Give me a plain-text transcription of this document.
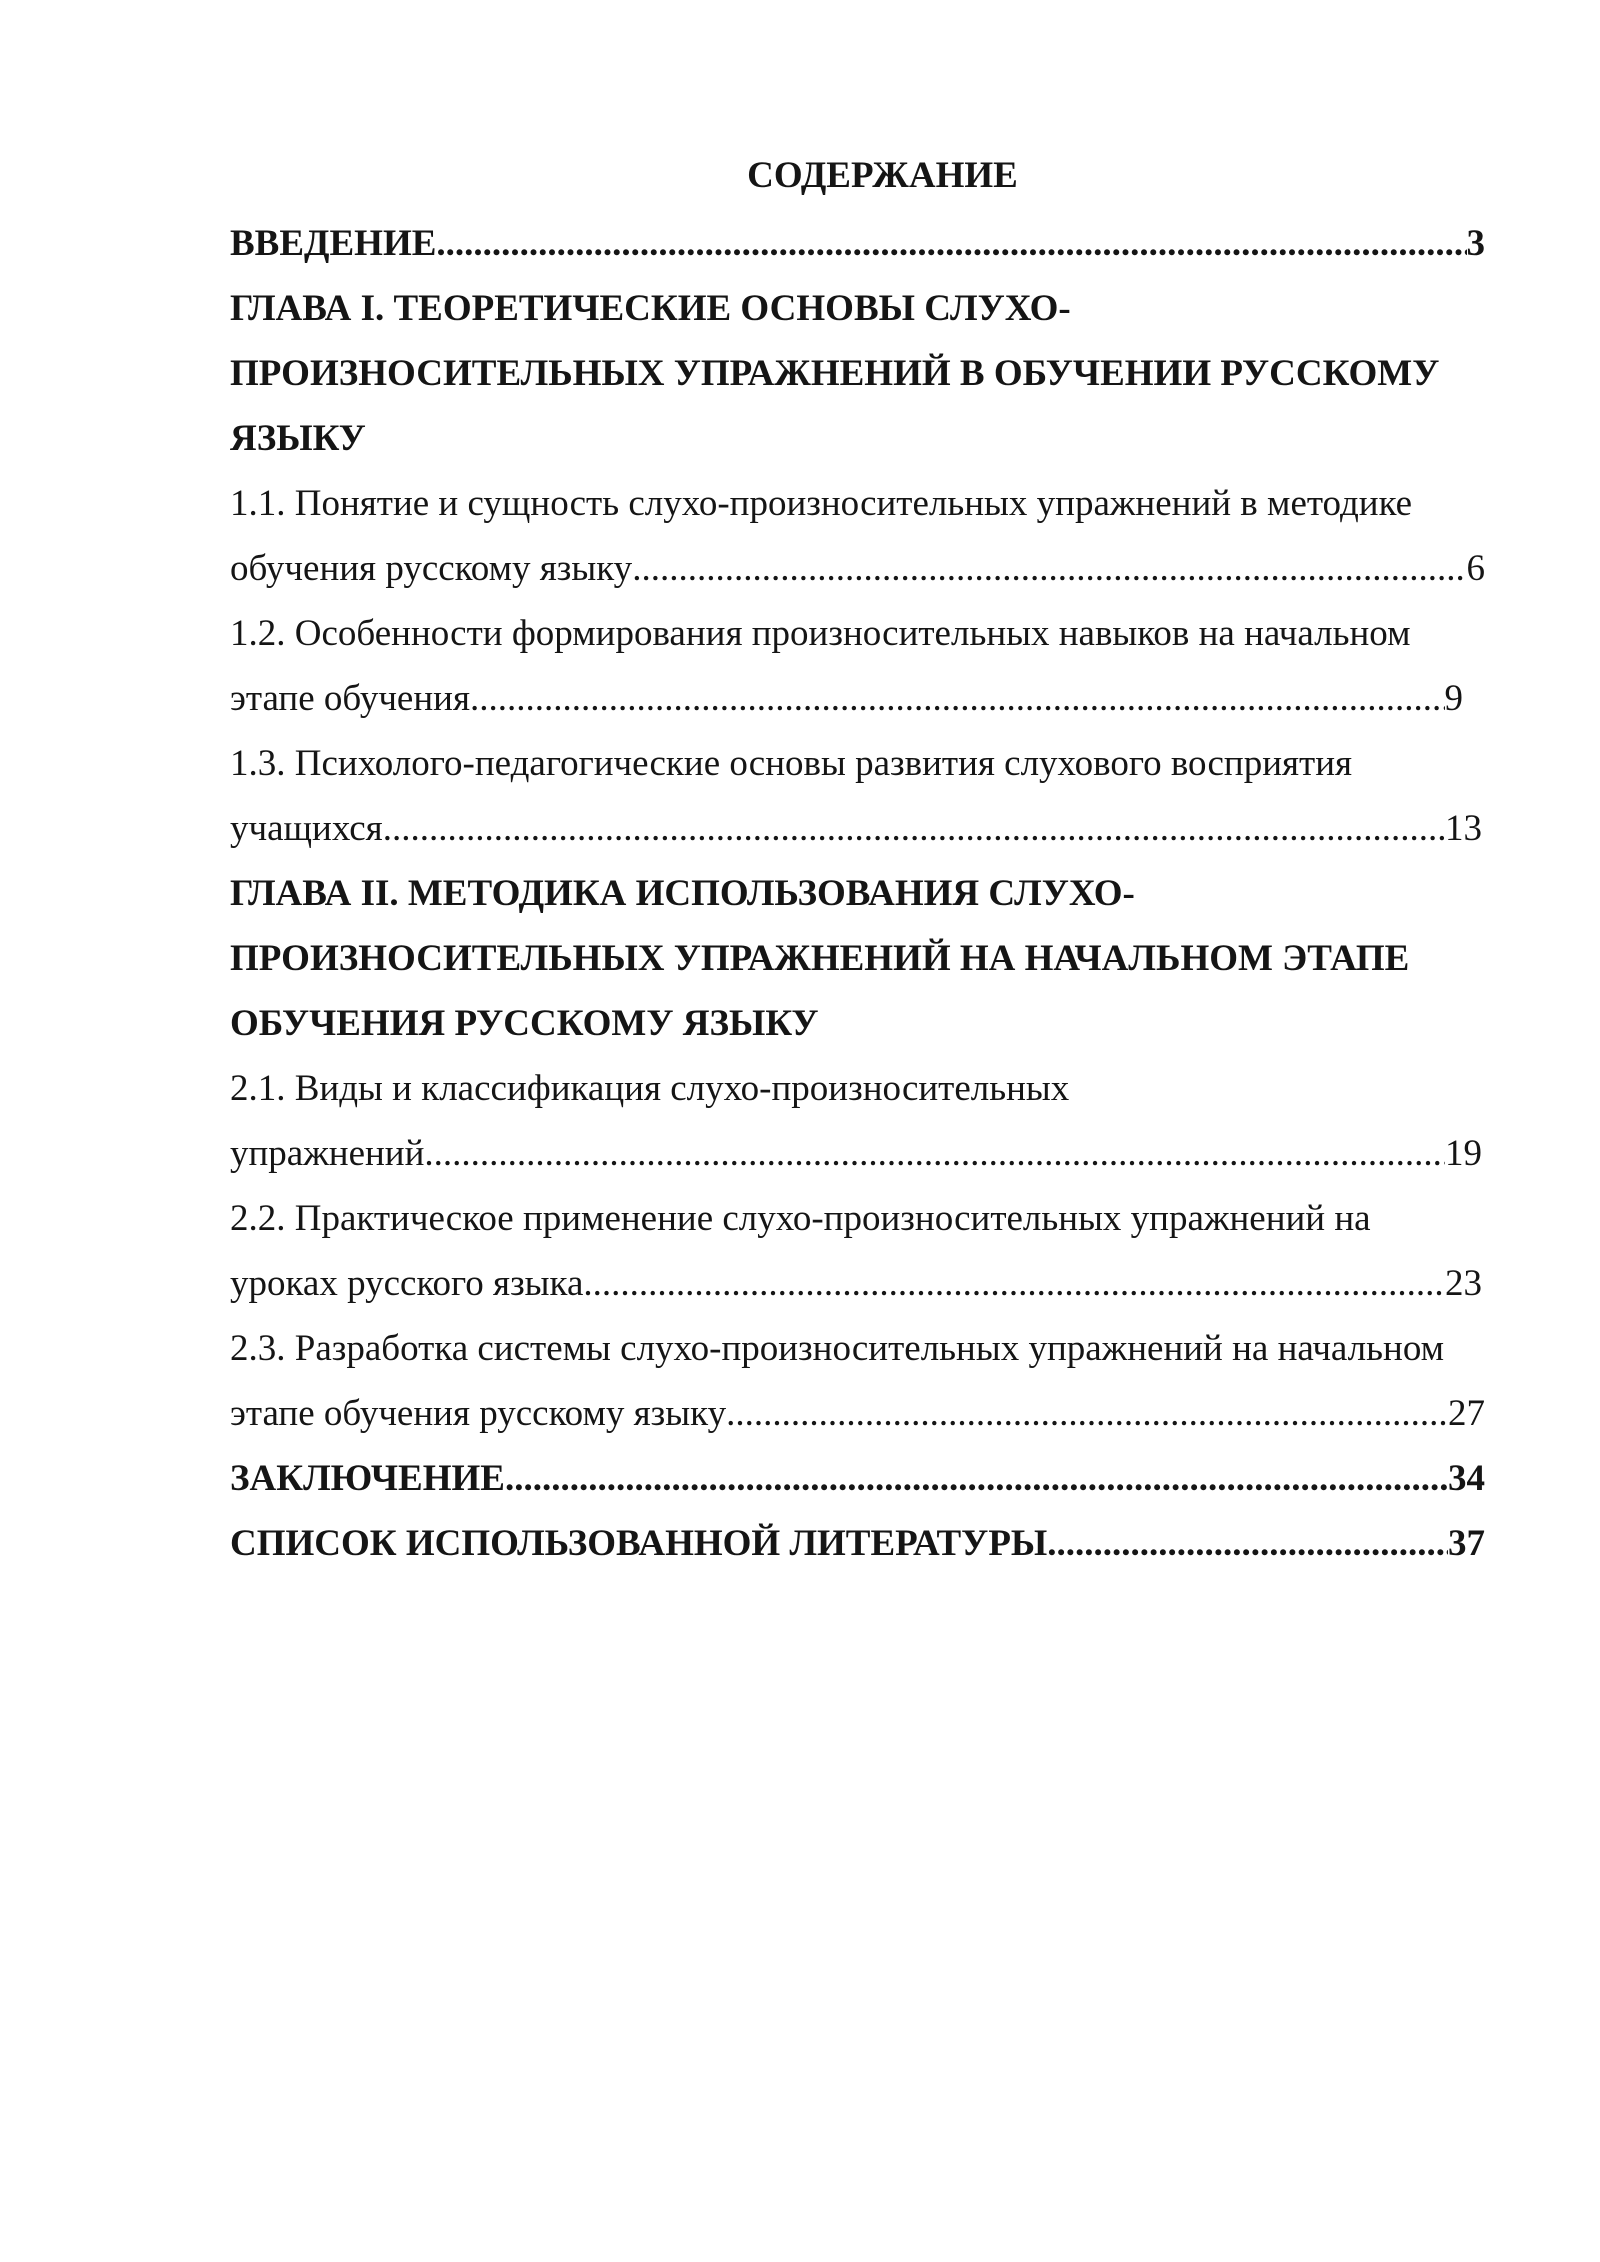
СОДЕРЖАНИЕ
ВВЕДЕНИЕ .....	3
ГЛАВА I. ТЕОРЕТИЧЕСКИЕ ОСНОВЫ СЛУХО-
ПРОИЗНОСИТЕЛЬНЫХ УПРАЖНЕНИЙ В ОБУЧЕНИИ РУССКОМУ
ЯЗЫКУ
1.1. Понятие и сущность слухо-произносительных упражнений в методике
обучения русскому языку .....	6
1.2. Особенности формирования произносительных навыков на начальном
этапе обучения .....	9
1.3. Психолого-педагогические основы развития слухового восприятия
учащихся .....	13
ГЛАВА II. МЕТОДИКА ИСПОЛЬЗОВАНИЯ СЛУХО-
ПРОИЗНОСИТЕЛЬНЫХ УПРАЖНЕНИЙ НА НАЧАЛЬНОМ ЭТАПЕ
ОБУЧЕНИЯ РУССКОМУ ЯЗЫКУ
2.1. Виды и классификация слухо-произносительных
упражнений .....	19
2.2. Практическое применение слухо-произносительных упражнений на
уроках русского языка .....	23
2.3. Разработка системы слухо-произносительных упражнений на начальном
этапе обучения русскому языку .....	27
ЗАКЛЮЧЕНИЕ .....	34
СПИСОК ИСПОЛЬЗОВАННОЙ ЛИТЕРАТУРЫ .....	37
